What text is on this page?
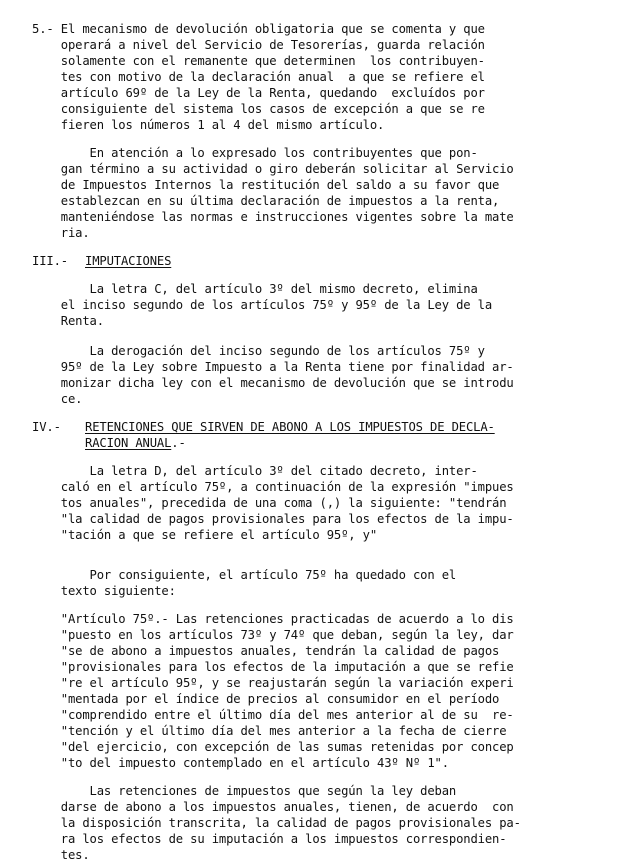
5.- El mecanismo de devolución obligatoria que se comenta y que
operará a nivel del Servicio de Tesorerías, guarda relación
solamente con el remanente que determinen  los contribuyen-
tes con motivo de la declaración anual  a que se refiere el
artículo 69º de la Ley de la Renta, quedando  excluídos por
consiguiente del sistema los casos de excepción a que se re
fieren los números 1 al 4 del mismo artículo.
En atención a lo expresado los contribuyentes que pon-
gan término a su actividad o giro deberán solicitar al Servicio
de Impuestos Internos la restitución del saldo a su favor que
establezcan en su última declaración de impuestos a la renta,
manteniéndose las normas e instrucciones vigentes sobre la mate
ria.
III.- IMPUTACIONES
La letra C, del artículo 3º del mismo decreto, elimina
el inciso segundo de los artículos 75º y 95º de la Ley de la
Renta.
La derogación del inciso segundo de los artículos 75º y
95º de la Ley sobre Impuesto a la Renta tiene por finalidad ar-
monizar dicha ley con el mecanismo de devolución que se introdu
ce.
IV.- RETENCIONES QUE SIRVEN DE ABONO A LOS IMPUESTOS DE DECLA-
RACION ANUAL.-
La letra D, del artículo 3º del citado decreto, inter-
caló en el artículo 75º, a continuación de la expresión "impues
tos anuales", precedida de una coma (,) la siguiente: "tendrán
"la calidad de pagos provisionales para los efectos de la impu-
"tación a que se refiere el artículo 95º, y"
Por consiguiente, el artículo 75º ha quedado con el
texto siguiente:
"Artículo 75º.- Las retenciones practicadas de acuerdo a lo dis
"puesto en los artículos 73º y 74º que deban, según la ley, dar
"se de abono a impuestos anuales, tendrán la calidad de pagos
"provisionales para los efectos de la imputación a que se refie
"re el artículo 95º, y se reajustarán según la variación experi
"mentada por el índice de precios al consumidor en el período
"comprendido entre el último día del mes anterior al de su  re-
"tención y el último día del mes anterior a la fecha de cierre
"del ejercicio, con excepción de las sumas retenidas por concep
"to del impuesto contemplado en el artículo 43º Nº 1".
Las retenciones de impuestos que según la ley deban
darse de abono a los impuestos anuales, tienen, de acuerdo  con
la disposición transcrita, la calidad de pagos provisionales pa-
ra los efectos de su imputación a los impuestos correspondien-
tes.
